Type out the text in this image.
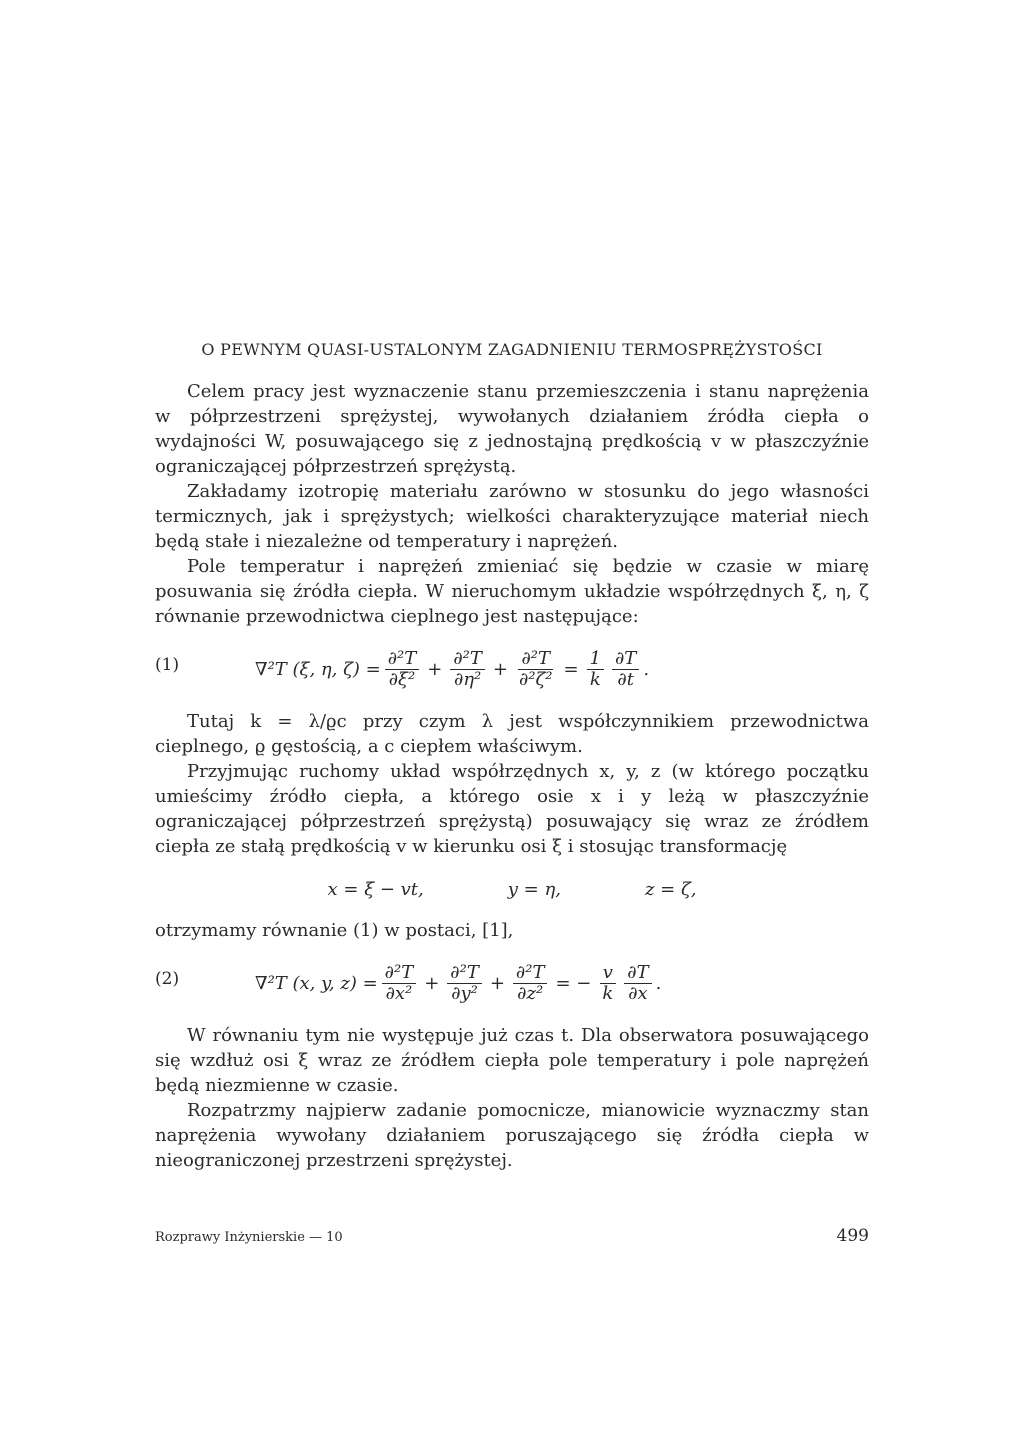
O PEWNYM QUASI-USTALONYM ZAGADNIENIU TERMOSPRĘŻYSTOŚCI

Celem pracy jest wyznaczenie stanu przemieszczenia i stanu naprężenia w półprzestrzeni sprężystej, wywołanych działaniem źródła ciepła o wydajności W, posuwającego się z jednostajną prędkością v w płaszczyźnie ograniczającej półprzestrzeń sprężystą.

Zakładamy izotropię materiału zarówno w stosunku do jego własności termicznych, jak i sprężystych; wielkości charakteryzujące materiał niech będą stałe i niezależne od temperatury i naprężeń.

Pole temperatur i naprężeń zmieniać się będzie w czasie w miarę posuwania się źródła ciepła. W nieruchomym układzie współrzędnych ξ, η, ζ równanie przewodnictwa cieplnego jest następujące:

(1)	∇²T (ξ, η, $\zeta) = \frac{\text{∂²T}}{\text{∂ξ²}} + \frac{\text{∂²T}}{\text{∂η²}} + \frac{\text{∂²T}}{\text{∂²ζ²}} = \frac{1}{k} \frac{\partial T}{\partial t}$ .

Tutaj k = λ/ϱc przy czym λ jest współczynnikiem przewodnictwa cieplnego, ϱ gęstością, a c ciepłem właściwym.

Przyjmując ruchomy układ współrzędnych x, y, z (w którego początku umieścimy źródło ciepła, a którego osie x i y leżą w płaszczyźnie ograniczającej półprzestrzeń sprężystą) posuwający się wraz ze źródłem ciepła ze stałą prędkością v w kierunku osi ξ i stosując transformację

x = ξ − vt,	y = η,	z = ζ,

otrzymamy równanie (1) w postaci, [1],

(2)	∇²T (x, y, $z) = \frac{\text{∂²T}}{\text{∂x²}} + \frac{\text{∂²T}}{\text{∂y²}} + \frac{\text{∂²T}}{\text{∂z²}}$ = − $\frac{v}{k} \frac{\partial T}{\partial x}$ .

W równaniu tym nie występuje już czas t. Dla obserwatora posuwającego się wzdłuż osi ξ wraz ze źródłem ciepła pole temperatury i pole naprężeń będą niezmienne w czasie.

Rozpatrzmy najpierw zadanie pomocnicze, mianowicie wyznaczmy stan naprężenia wywołany działaniem poruszającego się źródła ciepła w nieograniczonej przestrzeni sprężystej.

Rozprawy Inżynierskie — 10	499
